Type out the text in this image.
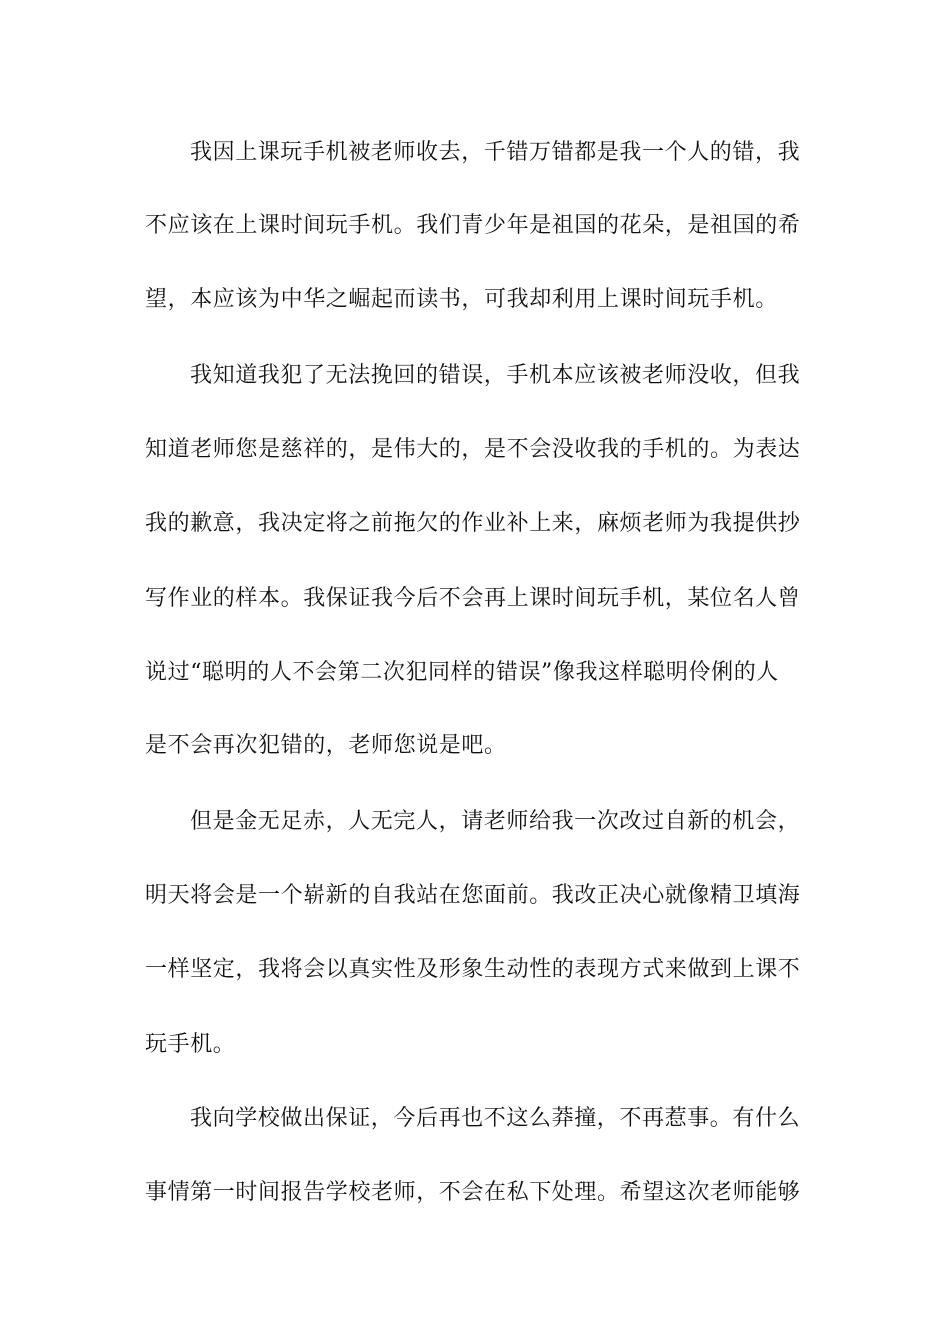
我因上课玩手机被老师收去，千错万错都是我一个人的错，我
不应该在上课时间玩手机。我们青少年是祖国的花朵，是祖国的希
望，本应该为中华之崛起而读书，可我却利用上课时间玩手机。
我知道我犯了无法挽回的错误，手机本应该被老师没收，但我
知道老师您是慈祥的，是伟大的，是不会没收我的手机的。为表达
我的歉意，我决定将之前拖欠的作业补上来，麻烦老师为我提供抄
写作业的样本。我保证我今后不会再上课时间玩手机，某位名人曾
说过“聪明的人不会第二次犯同样的错误”像我这样聪明伶俐的人
是不会再次犯错的，老师您说是吧。
但是金无足赤，人无完人，请老师给我一次改过自新的机会，
明天将会是一个崭新的自我站在您面前。我改正决心就像精卫填海
一样坚定，我将会以真实性及形象生动性的表现方式来做到上课不
玩手机。
我向学校做出保证，今后再也不这么莽撞，不再惹事。有什么
事情第一时间报告学校老师，不会在私下处理。希望这次老师能够
